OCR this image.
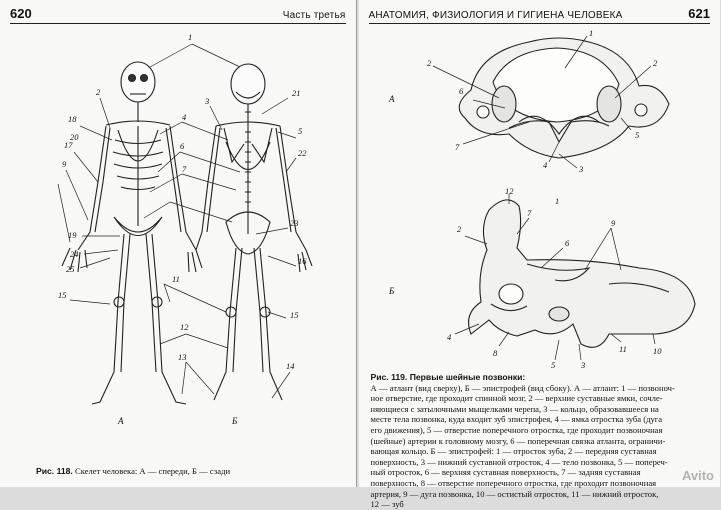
620	Часть третья
1
2
3
4
5
6
7
9
11
12
13
14
15
15
16
17
18
19
20
21
22
23
24
25
А	Б
Рис. 118. Скелет человека: А — спереди, Б — сзади
АНАТОМИЯ, ФИЗИОЛОГИЯ И ГИГИЕНА ЧЕЛОВЕКА	621
1
2	2
3
4
5
6
7
А
12
2
7
6
9
4
8
5	3
11	10
1
Б
Рис. 119. Первые шейные позвонки:
А — атлант (вид сверху), Б — эпистрофей (вид сбоку). А — атлант: 1 — позвоноч-
ное отверстие, где проходит спинной мозг, 2 — верхние суставные ямки, сочле-
няющиеся с затылочными мыщелками черепа, 3 — кольцо, образовавшееся на
месте тела позвонка, куда входит зуб эпистрофея, 4 — ямка отростка зуба (дуга
его движения), 5 — отверстие поперечного отростка, где проходит позвоночная
(шейные) артерии к головному мозгу, 6 — поперечная связка атланта, ограничи-
вающая кольцо. Б — эпистрофей: 1 — отросток зуба, 2 — передняя суставная
поверхность, 3 — нижний суставной отросток, 4 — тело позвонка, 5 — попереч-
ный отросток, 6 — верхняя суставная поверхность, 7 — задняя суставная
поверхность, 8 — отверстие поперечного отростка, где проходит позвоночная
артерия, 9 — дуга позвонка, 10 — остистый отросток, 11 — нижний отросток,
12 — зуб
Avito
